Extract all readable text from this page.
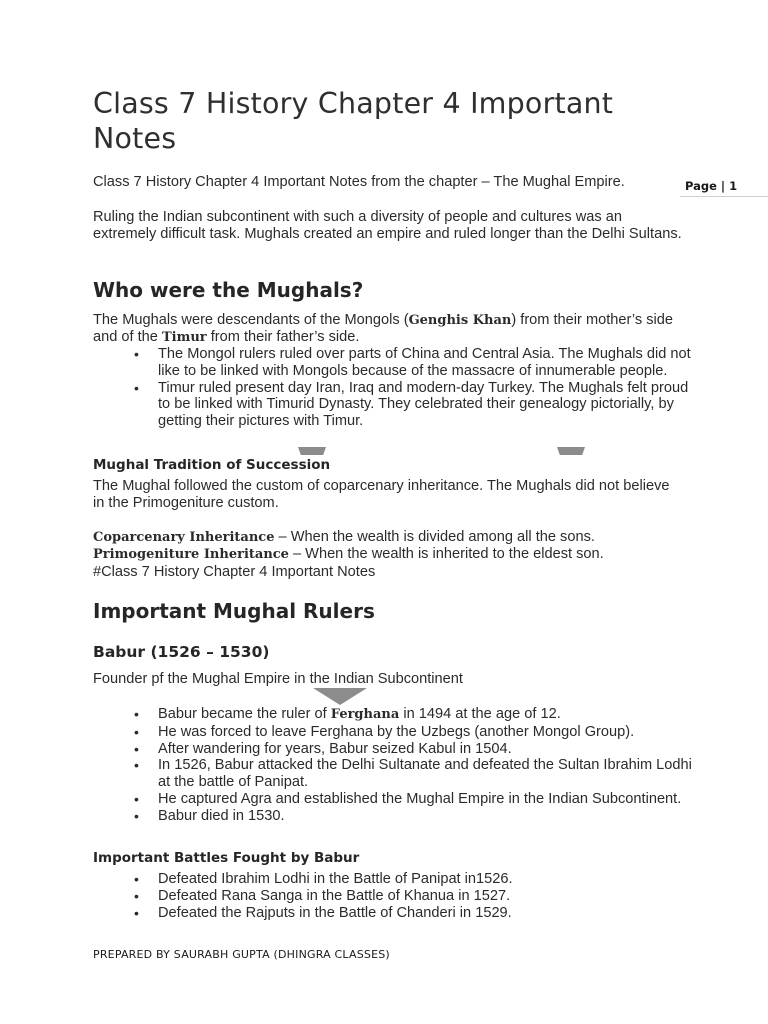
Class 7 History Chapter 4 Important Notes
Page | 1
Class 7 History Chapter 4 Important Notes from the chapter – The Mughal Empire.
Ruling the Indian subcontinent with such a diversity of people and cultures was an extremely difficult task. Mughals created an empire and ruled longer than the Delhi Sultans.
Who were the Mughals?
The Mughals were descendants of the Mongols (Genghis Khan) from their mother’s side and of the Timur from their father’s side.
• The Mongol rulers ruled over parts of China and Central Asia. The Mughals did not like to be linked with Mongols because of the massacre of innumerable people.
• Timur ruled present day Iran, Iraq and modern-day Turkey. The Mughals felt proud to be linked with Timurid Dynasty. They celebrated their genealogy pictorially, by getting their pictures with Timur.
Mughal Tradition of Succession
The Mughal followed the custom of coparcenary inheritance. The Mughals did not believe in the Primogeniture custom.
Coparcenary Inheritance – When the wealth is divided among all the sons.
Primogeniture Inheritance – When the wealth is inherited to the eldest son.
#Class 7 History Chapter 4 Important Notes
Important Mughal Rulers
Babur (1526 – 1530)
Founder pf the Mughal Empire in the Indian Subcontinent
• Babur became the ruler of Ferghana in 1494 at the age of 12.
• He was forced to leave Ferghana by the Uzbegs (another Mongol Group).
• After wandering for years, Babur seized Kabul in 1504.
• In 1526, Babur attacked the Delhi Sultanate and defeated the Sultan Ibrahim Lodhi at the battle of Panipat.
• He captured Agra and established the Mughal Empire in the Indian Subcontinent.
• Babur died in 1530.
Important Battles Fought by Babur
• Defeated Ibrahim Lodhi in the Battle of Panipat in1526.
• Defeated Rana Sanga in the Battle of Khanua in 1527.
• Defeated the Rajputs in the Battle of Chanderi in 1529.
PREPARED BY SAURABH GUPTA (DHINGRA CLASSES)
